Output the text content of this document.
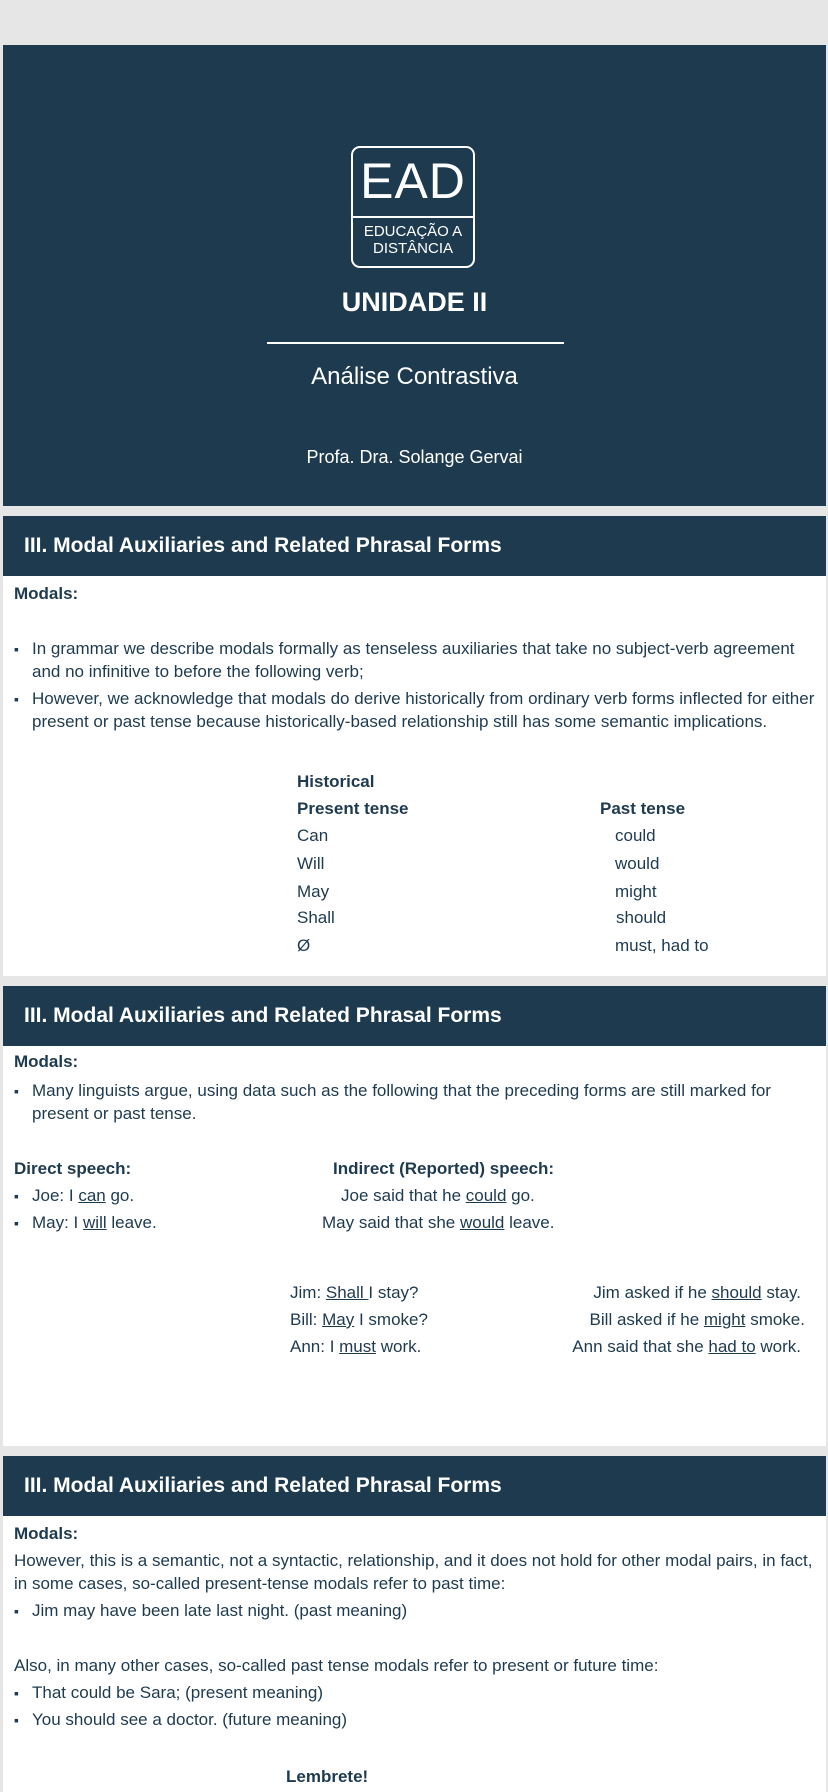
EAD
EDUCAÇÃO A
DISTÂNCIA
UNIDADE II
Análise Contrastiva
Profa. Dra. Solange Gervai
III. Modal Auxiliaries and Related Phrasal Forms
Modals:
▪ In grammar we describe modals formally as tenseless auxiliaries that take no subject-verb agreement and no infinitive to before the following verb;
▪ However, we acknowledge that modals do derive historically from ordinary verb forms inflected for either present or past tense because historically-based relationship still has some semantic implications.
Historical
Present tense	Past tense
Can	could
Will	would
May	might
Shall	should
Ø	must, had to
III. Modal Auxiliaries and Related Phrasal Forms
Modals:
▪ Many linguists argue, using data such as the following that the preceding forms are still marked for present or past tense.
Direct speech:	Indirect (Reported) speech:
▪ Joe: I can go.	Joe said that he could go.
▪ May: I will leave.	May said that she would leave.
Jim: Shall I stay?	Jim asked if he should stay.
Bill: May I smoke?	Bill asked if he might smoke.
Ann: I must work.	Ann said that she had to work.
III. Modal Auxiliaries and Related Phrasal Forms
Modals:
However, this is a semantic, not a syntactic, relationship, and it does not hold for other modal pairs, in fact, in some cases, so-called present-tense modals refer to past time:
▪ Jim may have been late last night. (past meaning)
Also, in many other cases, so-called past tense modals refer to present or future time:
▪ That could be Sara; (present meaning)
▪ You should see a doctor. (future meaning)
Lembrete!
